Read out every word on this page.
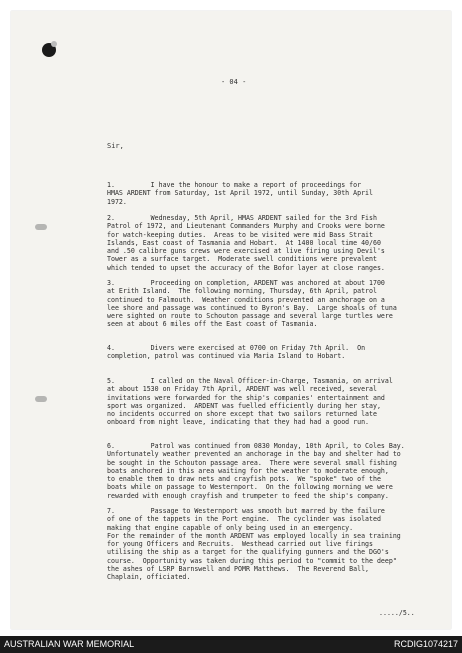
- 04 -
Sir,
1.         I have the honour to make a report of proceedings for
HMAS ARDENT from Saturday, 1st April 1972, until Sunday, 30th April
1972.
2.         Wednesday, 5th April, HMAS ARDENT sailed for the 3rd Fish
Patrol of 1972, and Lieutenant Commanders Murphy and Crooks were borne
for watch-keeping duties.  Areas to be visited were mid Bass Strait
Islands, East coast of Tasmania and Hobart.  At 1400 local time 40/60
and .50 calibre guns crews were exercised at live firing using Devil's
Tower as a surface target.  Moderate swell conditions were prevalent
which tended to upset the accuracy of the Bofor layer at close ranges.
3.         Proceeding on completion, ARDENT was anchored at about 1700
at Erith Island.  The following morning, Thursday, 6th April, patrol
continued to Falmouth.  Weather conditions prevented an anchorage on a
lee shore and passage was continued to Byron's Bay.  Large shoals of tuna
were sighted on route to Schouton passage and several large turtles were
seen at about 6 miles off the East coast of Tasmania.
4.         Divers were exercised at 0700 on Friday 7th April.  On
completion, patrol was continued via Maria Island to Hobart.
5.         I called on the Naval Officer-in-Charge, Tasmania, on arrival
at about 1530 on Friday 7th April, ARDENT was well received, several
invitations were forwarded for the ship's companies' entertainment and
sport was organized.  ARDENT was fuelled efficiently during her stay,
no incidents occurred on shore except that two sailors returned late
onboard from night leave, indicating that they had had a good run.
6.         Patrol was continued from 0830 Monday, 10th April, to Coles Bay.
Unfortunately weather prevented an anchorage in the bay and shelter had to
be sought in the Schouton passage area.  There were several small fishing
boats anchored in this area waiting for the weather to moderate enough,
to enable them to draw nets and crayfish pots.  We "spoke" two of the
boats while on passage to Westernport.  On the following morning we were
rewarded with enough crayfish and trumpeter to feed the ship's company.
7.         Passage to Westernport was smooth but marred by the failure
of one of the tappets in the Port engine.  The cyclinder was isolated
making that engine capable of only being used in an emergency.
For the remainder of the month ARDENT was employed locally in sea training
for young Officers and Recruits.  Westhead carried out live firings
utilising the ship as a target for the qualifying gunners and the DGO's
course.  Opportunity was taken during this period to "commit to the deep"
the ashes of LSRP Barnswell and POMR Matthews.  The Reverend Ball,
Chaplain, officiated.
...../5..
AUSTRALIAN WAR MEMORIAL	RCDIG1074217
